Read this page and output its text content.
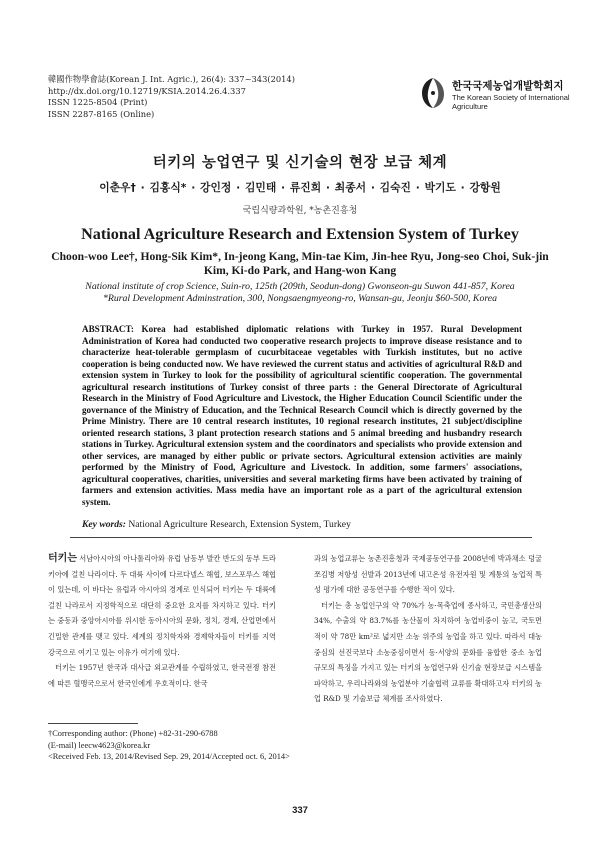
韓國作物學會誌(Korean J. Int. Agric.), 26(4): 337~343(2014)
http://dx.doi.org/10.12719/KSIA.2014.26.4.337
ISSN 1225-8504 (Print)
ISSN 2287-8165 (Online)
한국국제농업개발학회지
The Korean Society of International Agriculture
터키의 농업연구 및 신기술의 현장 보급 체계
이춘우† · 김홍식* · 강인정 · 김민태 · 류진희 · 최종서 · 김숙진 · 박기도 · 강항원
국립식량과학원, *농촌진흥청
National Agriculture Research and Extension System of Turkey
Choon-woo Lee†, Hong-Sik Kim*, In-jeong Kang, Min-tae Kim, Jin-hee Ryu, Jong-seo Choi, Suk-jin Kim, Ki-do Park, and Hang-won Kang
National institute of crop Science, Suin-ro, 125th (209th, Seodun-dong) Gwonseon-gu Suwon 441-857, Korea
*Rural Development Adminstration, 300, Nongsaengmyeong-ro, Wansan-gu, Jeonju $60-500, Korea
ABSTRACT: Korea had established diplomatic relations with Turkey in 1957. Rural Development Administration of Korea had conducted two cooperative research projects to improve disease resistance and to characterize heat-tolerable germplasm of cucurbitaceae vegetables with Turkish institutes, but no active cooperation is being conducted now. We have reviewed the current status and activities of agricultural R&D and extension system in Turkey to look for the possibility of agricultural scientific cooperation. The governmental agricultural research institutions of Turkey consist of three parts : the General Directorate of Agricultural Research in the Ministry of Food Agriculture and Livestock, the Higher Education Council Scientific under the governance of the Ministry of Education, and the Technical Research Council which is directly governed by the Prime Ministry. There are 10 central research institutes, 10 regional research institutes, 21 subject/discipline oriented research stations, 3 plant protection research stations and 5 animal breeding and husbandry research stations in Turkey. Agricultural extension system and the coordinators and specialists who provide extension and other services, are managed by either public or private sectors. Agricultural extension activities are mainly performed by the Ministry of Food, Agriculture and Livestock. In addition, some farmers' associations, agricultural cooperatives, charities, universities and several marketing firms have been activated by training of farmers and extension activities. Mass media have an important role as a part of the agricultural extension system.
Key words: National Agriculture Research, Extension System, Turkey

터키는 서남아시아의 아나톨리아와 유럽 남동부 발칸 반도의 동부 트라키아에 걸친 나라이다. 두 대륙 사이에 다르다넬스 해협, 보스포루스 해협이 있는데, 이 바다는 유럽과 아시아의 경계로 인식되어 터키는 두 대륙에 걸친 나라로서 지정학적으로 대단히 중요한 요지를 차지하고 있다. 터키는 중동과 중앙아시아를 위시한 동아시아의 문화, 정치, 경제, 산업면에서 긴밀한 관계를 맺고 있다. 세계의 정치학자와 경제학자들이 터키를 지역 강국으로 여기고 있는 이유가 여기에 있다.

터키는 1957년 한국과 대사급 외교관계를 수립하였고, 한국전쟁 참전에 따른 혈맹국으로서 한국인에게 우호적이다. 한국

과의 농업교류는 농촌진흥청과 국제공동연구를 2008년에 박과채소 덩굴쪼김병 저항성 선발과 2013년에 내고온성 유전자원 및 계통의 농업적 특성 평가에 대한 공동연구를 수행한 적이 있다.

터키는 총 농업인구의 약 70%가 농·목축업에 종사하고, 국민총생산의 34%, 수출의 약 83.7%를 농산물이 차지하여 농업비중이 높고, 국토면적이 약 78만 km²로 넓지만 소농 위주의 농업을 하고 있다. 따라서 대농 중심의 선진국보다 소농중심이면서 동·서양의 문화를 융합한 중소 농업 규모의 특징을 가지고 있는 터키의 농업연구와 신기술 현장보급 시스템을 파악하고, 우리나라와의 농업분야 기술협력 교류를 확대하고자 터키의 농업 R&D 및 기술보급 체계를 조사하였다.

†Corresponding author: (Phone) +82-31-290-6788
(E-mail) leecw4623@korea.kr
<Received Feb. 13, 2014/Revised Sep. 29, 2014/Accepted oct. 6, 2014>
337
